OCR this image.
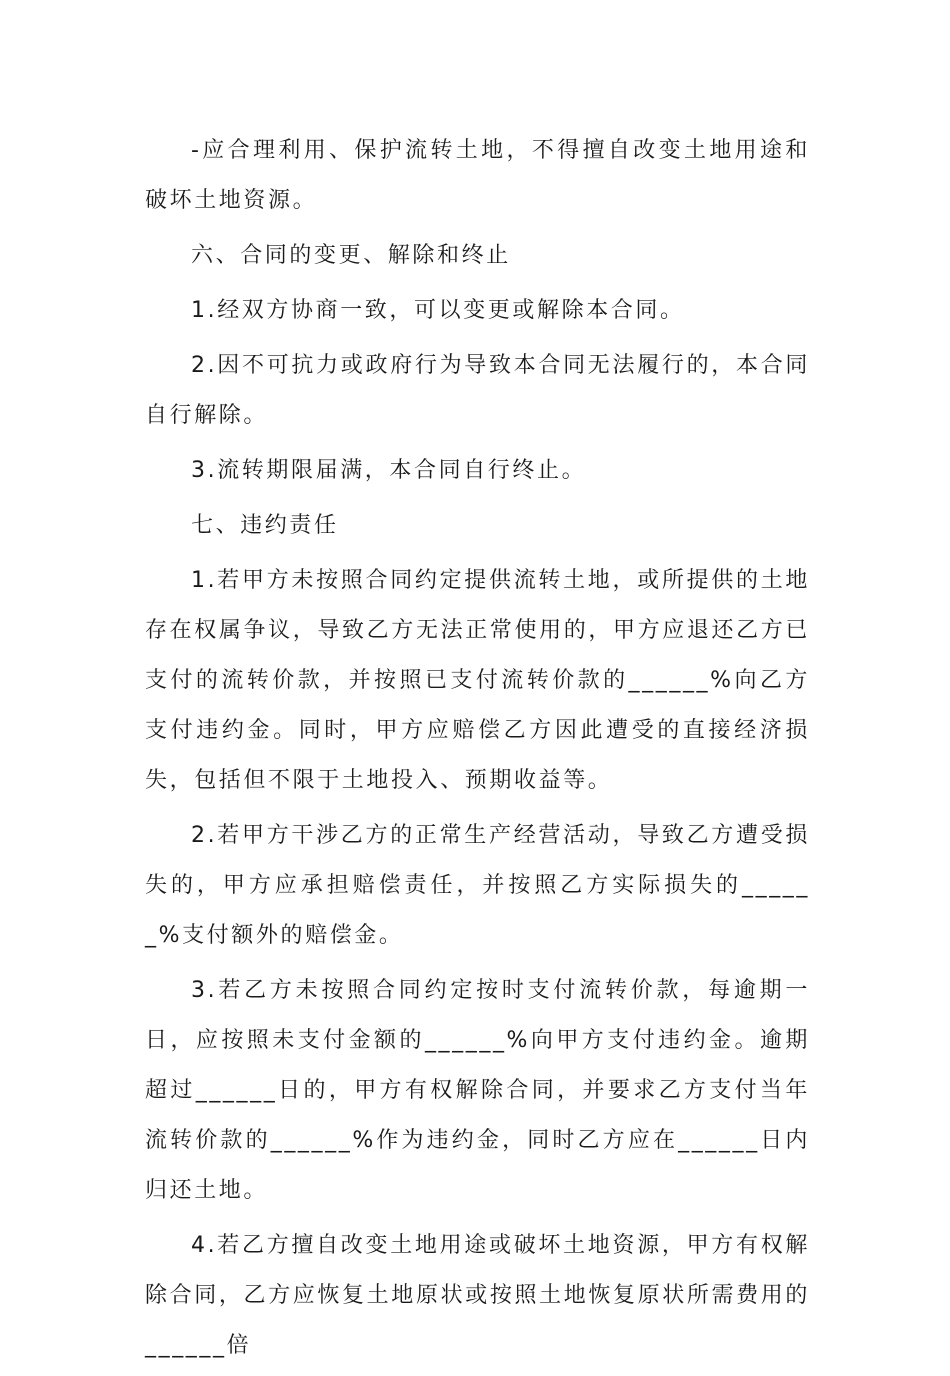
-应合理利用、保护流转土地，不得擅自改变土地用途和破坏土地资源。

六、合同的变更、解除和终止

1.经双方协商一致，可以变更或解除本合同。

2.因不可抗力或政府行为导致本合同无法履行的，本合同自行解除。

3.流转期限届满，本合同自行终止。

七、违约责任

1.若甲方未按照合同约定提供流转土地，或所提供的土地存在权属争议，导致乙方无法正常使用的，甲方应退还乙方已支付的流转价款，并按照已支付流转价款的______%向乙方支付违约金。同时，甲方应赔偿乙方因此遭受的直接经济损失，包括但不限于土地投入、预期收益等。

2.若甲方干涉乙方的正常生产经营活动，导致乙方遭受损失的，甲方应承担赔偿责任，并按照乙方实际损失的______%支付额外的赔偿金。

3.若乙方未按照合同约定按时支付流转价款，每逾期一日，应按照未支付金额的______%向甲方支付违约金。逾期超过______日的，甲方有权解除合同，并要求乙方支付当年流转价款的______%作为违约金，同时乙方应在______日内归还土地。

4.若乙方擅自改变土地用途或破坏土地资源，甲方有权解除合同，乙方应恢复土地原状或按照土地恢复原状所需费用的______倍
